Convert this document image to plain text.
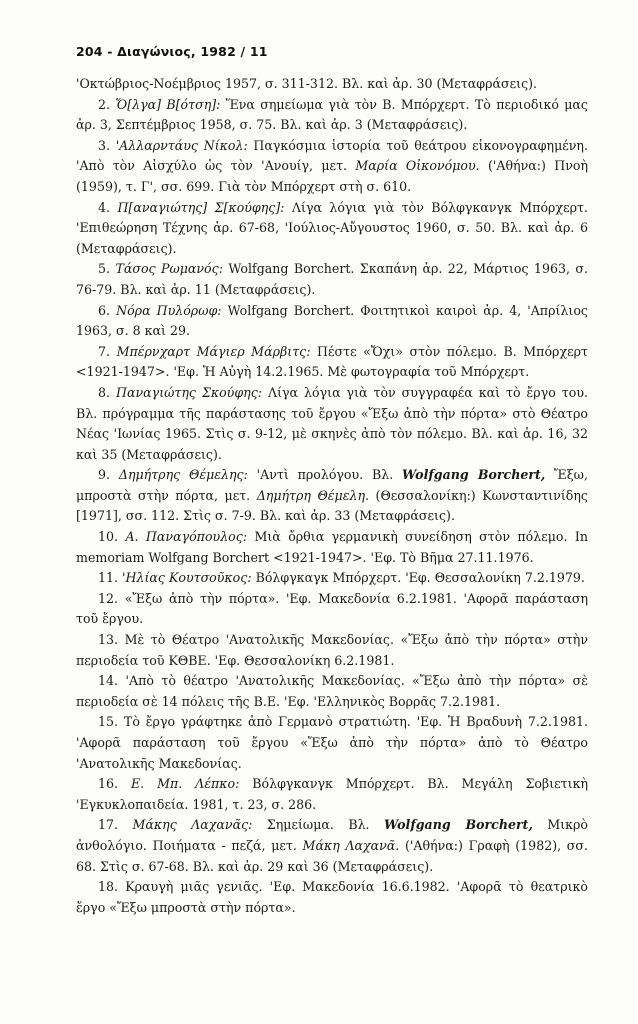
204 - Διαγώνιος, 1982 / 11

'Οκτώβριος-Νοέμβριος 1957, σ. 311-312. Βλ. καὶ ἀρ. 30 (Μεταφράσεις).

2. Ὄ[λγα] Β[ότση]: Ἕνα σημείωμα γιὰ τὸν Β. Μπόρχερτ. Τὸ περιοδικό μας ἀρ. 3, Σεπτέμβριος 1958, σ. 75. Βλ. καὶ ἀρ. 3 (Μεταφράσεις).

3. 'Αλλαρντάυς Νίκολ: Παγκόσμια ἱστορία τοῦ θεάτρου εἰκονογραφημένη. 'Απὸ τὸν Αἰσχύλο ὡς τὸν 'Ανουίγ, μετ. Μαρία Οἰκονόμου. ('Αθήνα:) Πνοὴ (1959), τ. Γ', σσ. 699. Γιὰ τὸν Μπόρχερτ στὴ σ. 610.

4. Π[αναγιώτης] Σ[κούφης]: Λίγα λόγια γιὰ τὸν Βόλφγκανγκ Μπόρχερτ. 'Επιθεώρηση Τέχνης ἀρ. 67-68, 'Ιούλιος-Αὔγουστος 1960, σ. 50. Βλ. καὶ ἀρ. 6 (Μεταφράσεις).

5. Τάσος Ρωμανός: Wolfgang Borchert. Σκαπάνη ἀρ. 22, Μάρτιος 1963, σ. 76-79. Βλ. καὶ ἀρ. 11 (Μεταφράσεις).

6. Νόρα Πυλόρωφ: Wolfgang Borchert. Φοιτητικοὶ καιροὶ ἀρ. 4, 'Απρίλιος 1963, σ. 8 καὶ 29.

7. Μπέρνχαρτ Μάγιερ Μάρβιτς: Πέστε «Ὄχι» στὸν πόλεμο. Β. Μπόρχερτ <1921-1947>. 'Εφ. Ἡ Αὐγὴ 14.2.1965. Μὲ φωτογραφία τοῦ Μπόρχερτ.

8. Παναγιώτης Σκούφης: Λίγα λόγια γιὰ τὸν συγγραφέα καὶ τὸ ἔργο του. Βλ. πρόγραμμα τῆς παράστασης τοῦ ἔργου «Ἔξω ἀπὸ τὴν πόρτα» στὸ Θέατρο Νέας 'Ιωνίας 1965. Στὶς σ. 9-12, μὲ σκηνὲς ἀπὸ τὸν πόλεμο. Βλ. καὶ ἀρ. 16, 32 καὶ 35 (Μεταφράσεις).

9. Δημήτρης Θέμελης: 'Αντὶ προλόγου. Βλ. Wolfgang Borchert, Ἔξω, μπροστὰ στὴν πόρτα, μετ. Δημήτρη Θέμελη. (Θεσσαλονίκη:) Κωνσταντινίδης [1971], σσ. 112. Στὶς σ. 7-9. Βλ. καὶ ἀρ. 33 (Μεταφράσεις).

10. Α. Παναγόπουλος: Μιὰ ὄρθια γερμανικὴ συνείδηση στὸν πόλεμο. In memoriam Wolfgang Borchert <1921-1947>. 'Εφ. Τὸ Βῆμα 27.11.1976.

11. 'Ηλίας Κουτσοῦκος: Βόλφγκαγκ Μπόρχερτ. 'Εφ. Θεσσαλονίκη 7.2.1979.

12. «Ἔξω ἀπὸ τὴν πόρτα». 'Εφ. Μακεδονία 6.2.1981. 'Αφορᾶ παράσταση τοῦ ἔργου.

13. Μὲ τὸ Θέατρο 'Ανατολικῆς Μακεδονίας. «Ἔξω ἀπὸ τὴν πόρτα» στὴν περιοδεία τοῦ ΚΘΒΕ. 'Εφ. Θεσσαλονίκη 6.2.1981.

14. 'Απὸ τὸ θέατρο 'Ανατολικῆς Μακεδονίας. «Ἔξω ἀπὸ τὴν πόρτα» σὲ περιοδεία σὲ 14 πόλεις τῆς Β.Ε. 'Εφ. 'Ελληνικὸς Βορρᾶς 7.2.1981.

15. Τὸ ἔργο γράφτηκε ἀπὸ Γερμανὸ στρατιώτη. 'Εφ. Ἡ Βραδυνὴ 7.2.1981. 'Αφορᾶ παράσταση τοῦ ἔργου «Ἔξω ἀπὸ τὴν πόρτα» ἀπὸ τὸ Θέατρο 'Ανατολικῆς Μακεδονίας.

16. Ε. Μπ. Λέπκο: Βόλφγκανγκ Μπόρχερτ. Βλ. Μεγάλη Σοβιετικὴ 'Εγκυκλοπαιδεία. 1981, τ. 23, σ. 286.

17. Μάκης Λαχανᾶς: Σημείωμα. Βλ. Wolfgang Borchert, Μικρὸ ἀνθολόγιο. Ποιήματα - πεζά, μετ. Μάκη Λαχανᾶ. ('Αθήνα:) Γραφὴ (1982), σσ. 68. Στὶς σ. 67-68. Βλ. καὶ ἀρ. 29 καὶ 36 (Μεταφράσεις).

18. Κραυγὴ μιᾶς γενιᾶς. 'Εφ. Μακεδονία 16.6.1982. 'Αφορᾶ τὸ θεατρικὸ ἔργο «Ἔξω μπροστὰ στὴν πόρτα».
